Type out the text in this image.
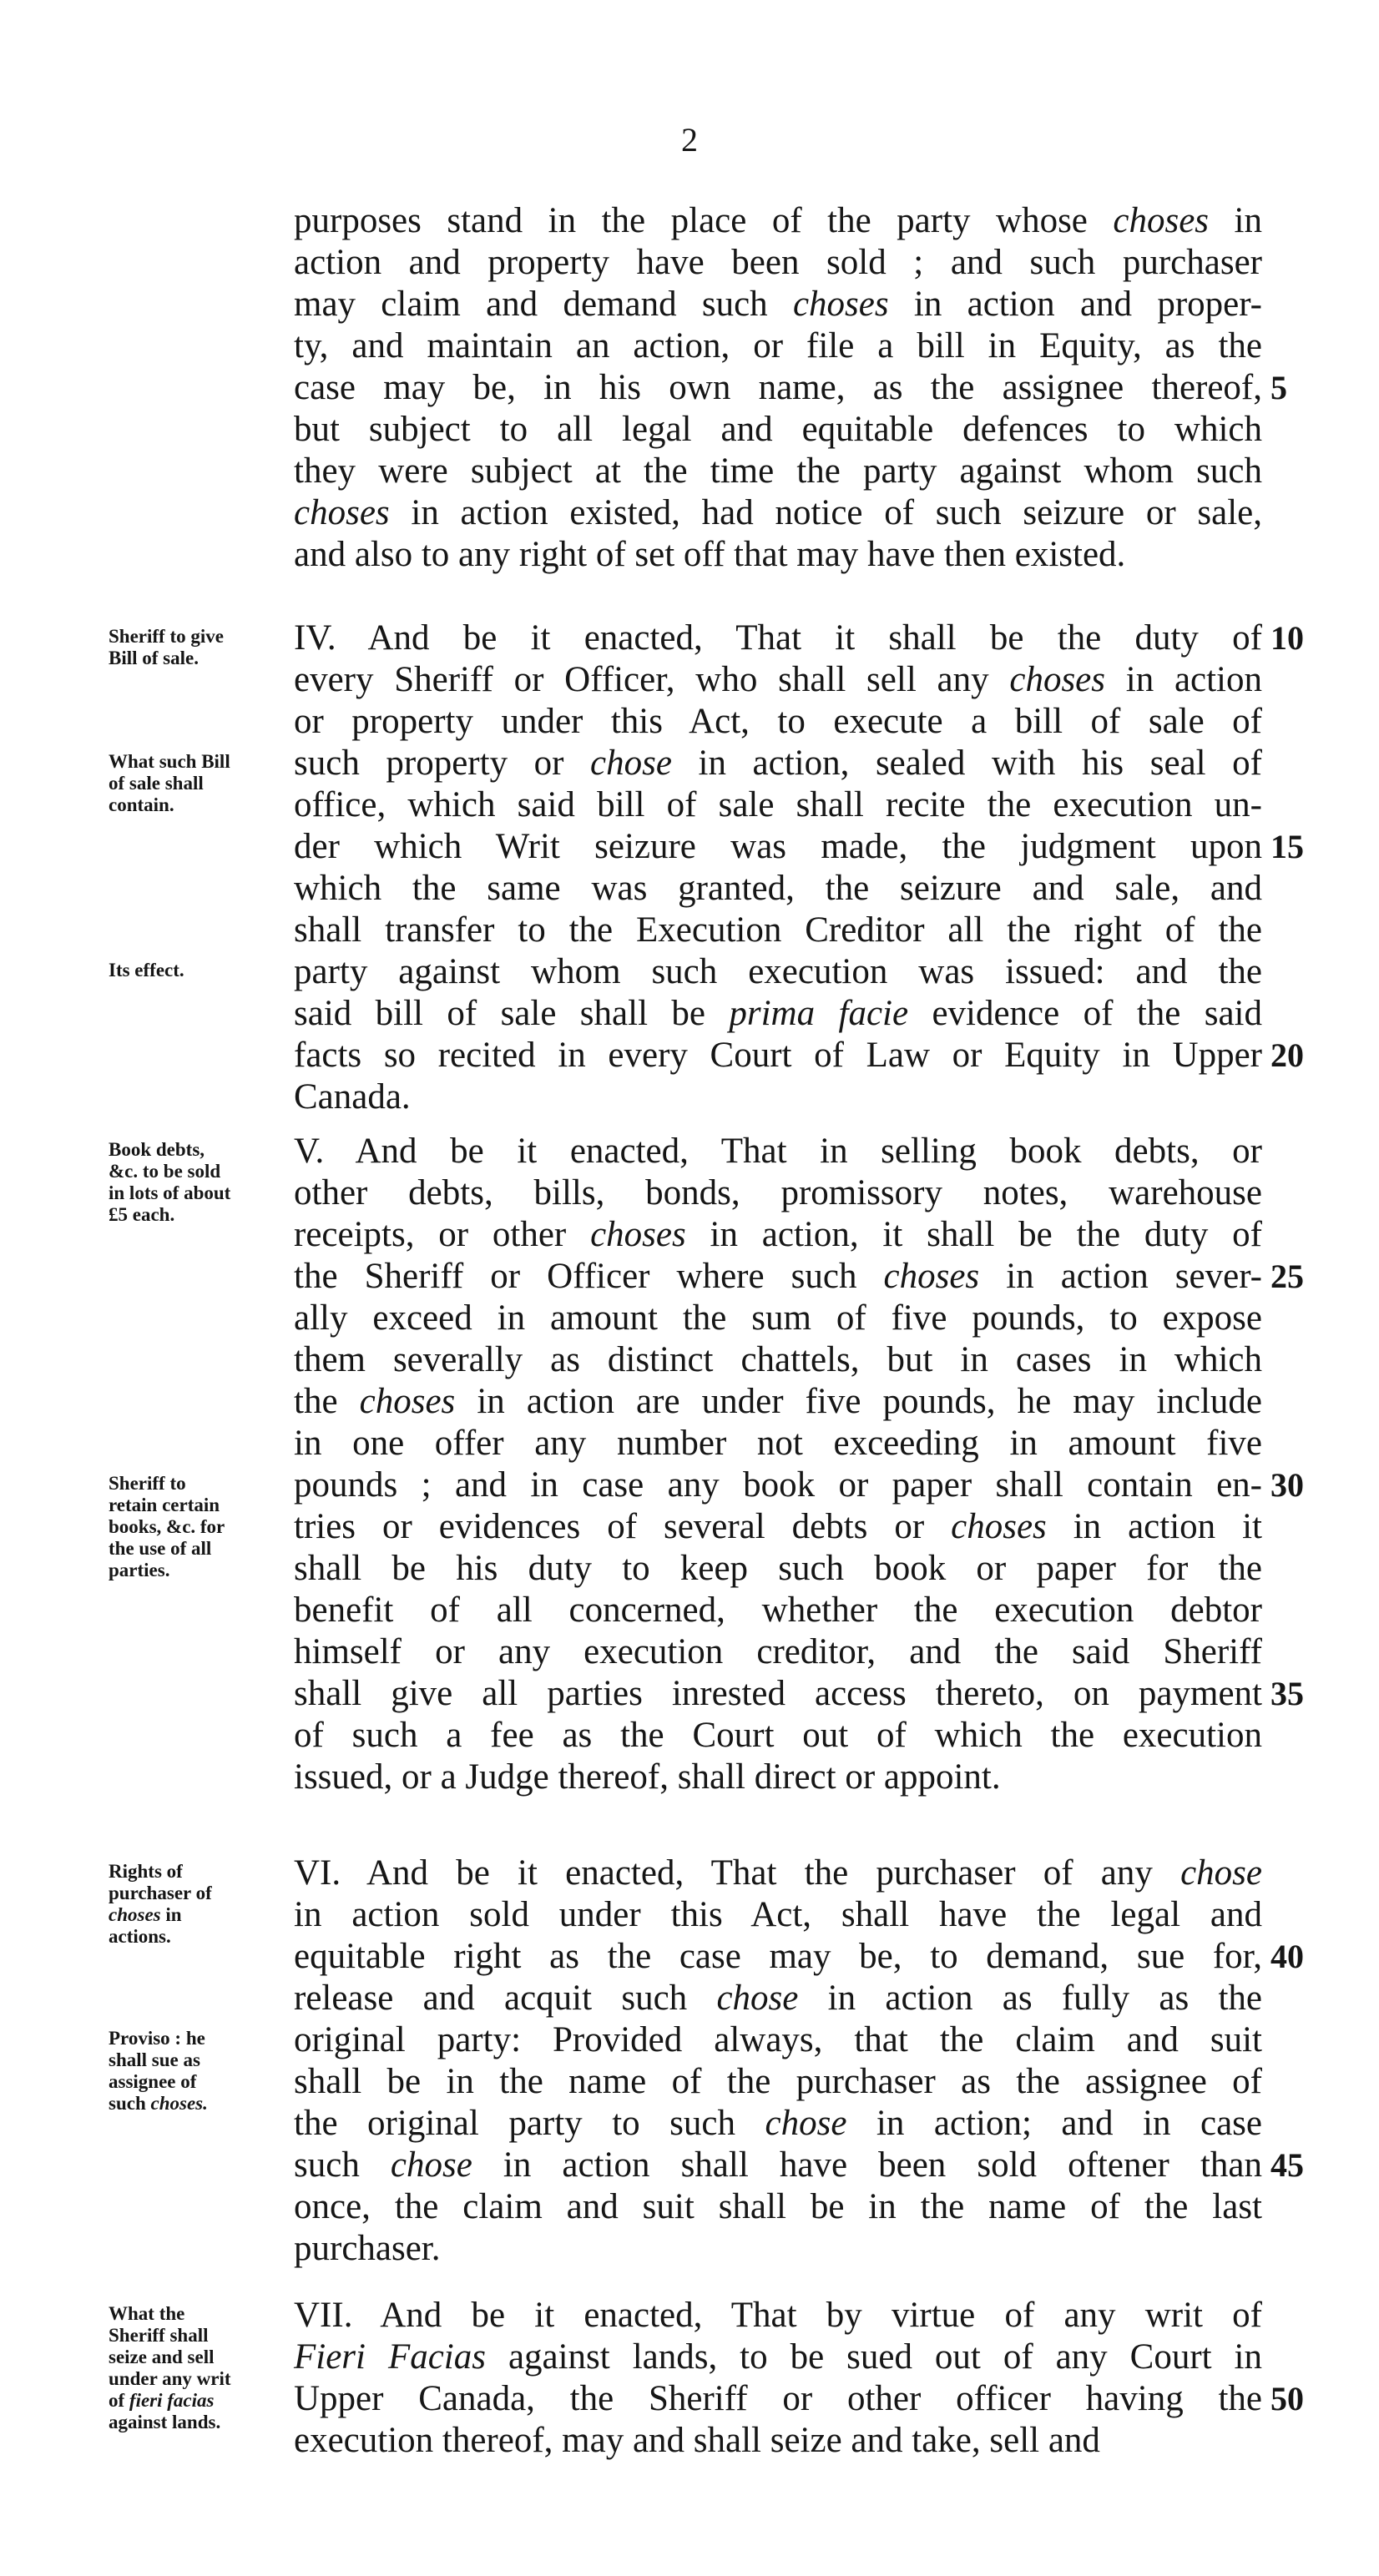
2
purposes stand in the place of the party whose choses in
action and property have been sold ; and such purchaser
may claim and demand such choses in action and proper-
ty, and maintain an action, or file a bill in Equity, as the
case may be, in his own name, as the assignee thereof,
but subject to all legal and equitable defences to which
they were subject at the time the party against whom such
choses in action existed, had notice of such seizure or sale,
and also to any right of set off that may have then existed.
5
IV. And be it enacted, That it shall be the duty of
every Sheriff or Officer, who shall sell any choses in action
or property under this Act, to execute a bill of sale of
such property or chose in action, sealed with his seal of
office, which said bill of sale shall recite the execution un-
der which Writ seizure was made, the judgment upon
which the same was granted, the seizure and sale, and
shall transfer to the Execution Creditor all the right of the
party against whom such execution was issued: and the
said bill of sale shall be prima facie evidence of the said
facts so recited in every Court of Law or Equity in Upper
Canada.
10
15
20
Sheriff to give
Bill of sale.
What such Bill
of sale shall
contain.
Its effect.
V. And be it enacted, That in selling book debts, or
other debts, bills, bonds, promissory notes, warehouse
receipts, or other choses in action, it shall be the duty of
the Sheriff or Officer where such choses in action sever-
ally exceed in amount the sum of five pounds, to expose
them severally as distinct chattels, but in cases in which
the choses in action are under five pounds, he may include
in one offer any number not exceeding in amount five
pounds ; and in case any book or paper shall contain en-
tries or evidences of several debts or choses in action it
shall be his duty to keep such book or paper for the
benefit of all concerned, whether the execution debtor
himself or any execution creditor, and the said Sheriff
shall give all parties inrested access thereto, on payment
of such a fee as the Court out of which the execution
issued, or a Judge thereof, shall direct or appoint.
25
30
35
Book debts,
&c. to be sold
in lots of about
£5 each.
Sheriff to
retain certain
books, &c. for
the use of all
parties.
VI. And be it enacted, That the purchaser of any chose
in action sold under this Act, shall have the legal and
equitable right as the case may be, to demand, sue for,
release and acquit such chose in action as fully as the
original party: Provided always, that the claim and suit
shall be in the name of the purchaser as the assignee of
the original party to such chose in action; and in case
such chose in action shall have been sold oftener than
once, the claim and suit shall be in the name of the last
purchaser.
40
45
Rights of
purchaser of
choses in
actions.
Proviso : he
shall sue as
assignee of
such choses.
VII. And be it enacted, That by virtue of any writ of
Fieri Facias against lands, to be sued out of any Court in
Upper Canada, the Sheriff or other officer having the
execution thereof, may and shall seize and take, sell and
50
What the
Sheriff shall
seize and sell
under any writ
of fieri facias
against lands.
